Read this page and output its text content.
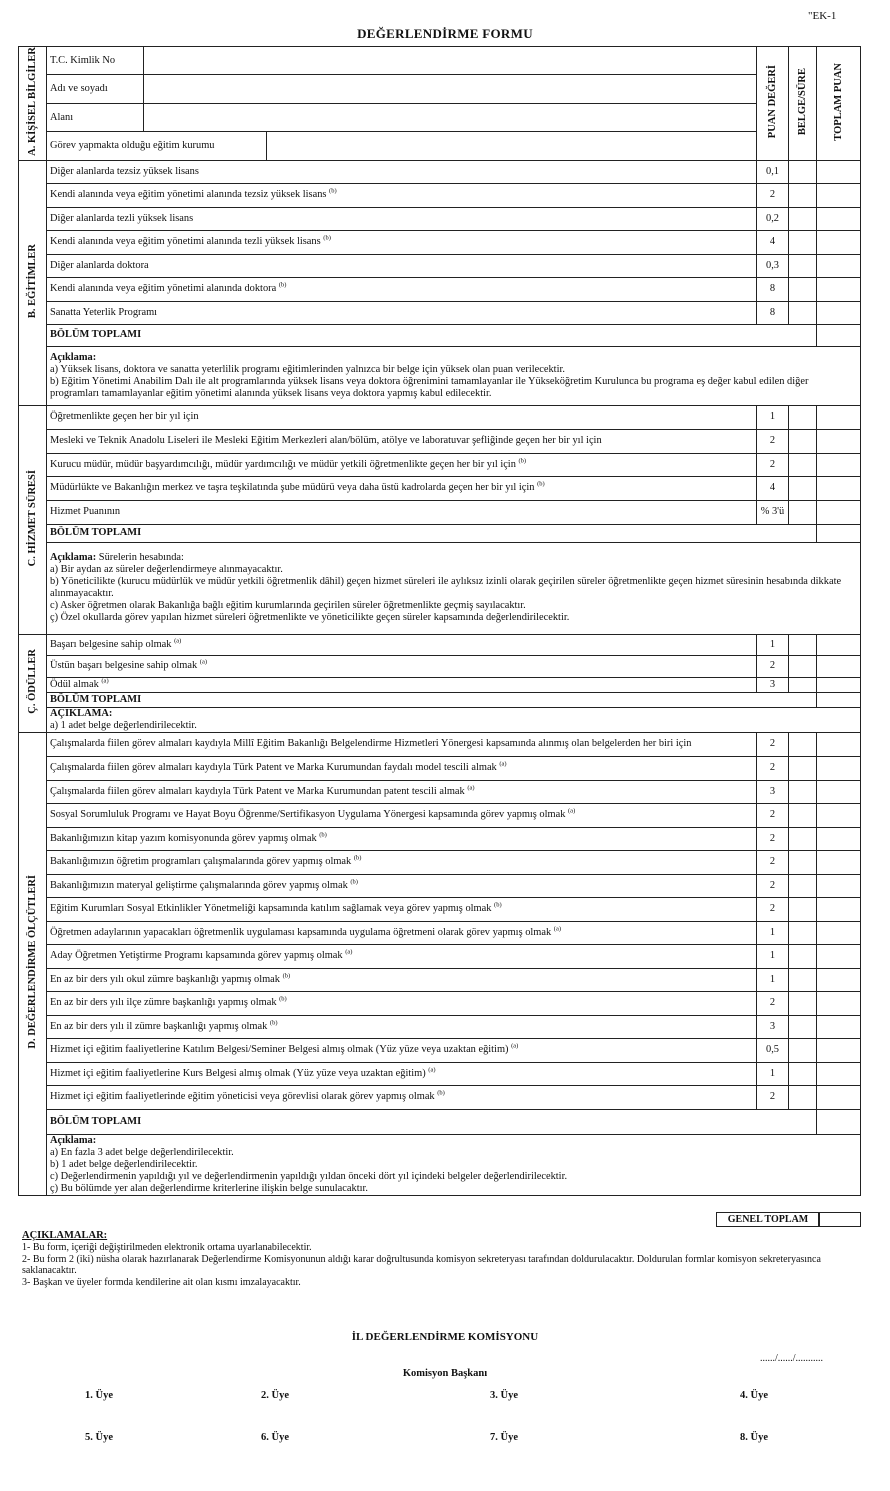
"EK-1
DEĞERLENDİRME FORMU
A. KİŞİSEL BİLGİLER	T.C. Kimlik No			PUAN DEĞERİ	BELGE/SÜRE	TOPLAM PUAN
	Adı ve soyadı					
	Alanı					
	Görev yapmakta olduğu eğitim kurumu					
B. EĞİTİMLER	Diğer alanlarda tezsiz yüksek lisans			0,1		
	Kendi alanında veya eğitim yönetimi alanında tezsiz yüksek lisans $^{(b)}$			2		
	Diğer alanlarda tezli yüksek lisans			0,2		
	Kendi alanında veya eğitim yönetimi alanında tezli yüksek lisans $^{(b)}$			4		
	Diğer alanlarda doktora			0,3		
	Kendi alanında veya eğitim yönetimi alanında doktora $^{(b)}$			8		
	Sanatta Yeterlik Programı			8		
	BÖLÜM TOPLAMI					
	Açıklama:
a) Yüksek lisans, doktora ve sanatta yeterlilik programı eğitimlerinden yalnızca bir belge için yüksek olan puan verilecektir.
b) Eğitim Yönetimi Anabilim Dalı ile alt programlarında yüksek lisans veya doktora öğrenimini tamamlayanlar ile Yükseköğretim Kurulunca bu programa eş değer kabul edilen diğer programları tamamlayanlar eğitim yönetimi alanında yüksek lisans veya doktora yapmış kabul edilecektir.					

C. HİZMET SÜRESİ	Öğretmenlikte geçen her bir yıl için			1		
	Mesleki ve Teknik Anadolu Liseleri ile Mesleki Eğitim Merkezleri alan/bölüm, atölye ve laboratuvar şefliğinde geçen her bir yıl için			2		
	Kurucu müdür, müdür başyardımcılığı, müdür yardımcılığı ve müdür yetkili öğretmenlikte geçen her bir yıl için $^{(b)}$			2		
	Müdürlükte ve Bakanlığın merkez ve taşra teşkilatında şube müdürü veya daha üstü kadrolarda geçen her bir yıl için $^{(b)}$			4		
	Hizmet Puanının			% 3'ü		
	BÖLÜM TOPLAMI					
	Açıklama: Sürelerin hesabında:
a) Bir aydan az süreler değerlendirmeye alınmayacaktır.
b) Yöneticilikte (kurucu müdürlük ve müdür yetkili öğretmenlik dâhil) geçen hizmet süreleri ile aylıksız izinli olarak geçirilen süreler öğretmenlikte geçen hizmet süresinin hesabında dikkate alınmayacaktır.
c) Asker öğretmen olarak Bakanlığa bağlı eğitim kurumlarında geçirilen süreler öğretmenlikte geçmiş sayılacaktır.
ç) Özel okullarda görev yapılan hizmet süreleri öğretmenlikte ve yöneticilikte geçen süreler kapsamında değerlendirilecektir.					

Ç. ÖDÜLLER	Başarı belgesine sahip olmak $^{(a)}$			1		
	Üstün başarı belgesine sahip olmak $^{(a)}$			2		
	Ödül almak $^{(a)}$			3		
	BÖLÜM TOPLAMI					
	AÇIKLAMA:
a) 1 adet belge değerlendirilecektir.					

D. DEĞERLENDİRME ÖLÇÜTLERİ	Çalışmalarda fiilen görev almaları kaydıyla Millî Eğitim Bakanlığı Belgelendirme Hizmetleri Yönergesi kapsamında alınmış olan belgelerden her biri için			2		
	Çalışmalarda fiilen görev almaları kaydıyla Türk Patent ve Marka Kurumundan faydalı model tescili almak $^{(a)}$			2		
	Çalışmalarda fiilen görev almaları kaydıyla Türk Patent ve Marka Kurumundan patent tescili almak $^{(a)}$			3		
	Sosyal Sorumluluk Programı ve Hayat Boyu Öğrenme/Sertifikasyon Uygulama Yönergesi kapsamında görev yapmış olmak $^{(a)}$			2		
	Bakanlığımızın kitap yazım komisyonunda görev yapmış olmak $^{(b)}$			2		
	Bakanlığımızın öğretim programları çalışmalarında görev yapmış olmak $^{(b)}$			2		
	Bakanlığımızın materyal geliştirme çalışmalarında görev yapmış olmak $^{(b)}$			2		
	Eğitim Kurumları Sosyal Etkinlikler Yönetmeliği kapsamında katılım sağlamak veya görev yapmış olmak $^{(b)}$			2		
	Öğretmen adaylarının yapacakları öğretmenlik uygulaması kapsamında uygulama öğretmeni olarak görev yapmış olmak $^{(a)}$			1		
	Aday Öğretmen Yetiştirme Programı kapsamında görev yapmış olmak $^{(a)}$			1		
	En az bir ders yılı okul zümre başkanlığı yapmış olmak $^{(b)}$			1		
	En az bir ders yılı ilçe zümre başkanlığı yapmış olmak $^{(b)}$			2		
	En az bir ders yılı il zümre başkanlığı yapmış olmak $^{(b)}$			3		
	Hizmet içi eğitim faaliyetlerine Katılım Belgesi/Seminer Belgesi almış olmak (Yüz yüze veya uzaktan eğitim) $^{(a)}$			0,5		
	Hizmet içi eğitim faaliyetlerine Kurs Belgesi almış olmak (Yüz yüze veya uzaktan eğitim) $^{(a)}$			1		
	Hizmet içi eğitim faaliyetlerinde eğitim yöneticisi veya görevlisi olarak görev yapmış olmak $^{(b)}$			2		
	BÖLÜM TOPLAMI					
	Açıklama:
a) En fazla 3 adet belge değerlendirilecektir.
b) 1 adet belge değerlendirilecektir.
c) Değerlendirmenin yapıldığı yıl ve değerlendirmenin yapıldığı yıldan önceki dört yıl içindeki belgeler değerlendirilecektir.
ç) Bu bölümde yer alan değerlendirme kriterlerine ilişkin belge sunulacaktır.					
GENEL TOPLAM
AÇIKLAMALAR:
1- Bu form, içeriği değiştirilmeden elektronik ortama uyarlanabilecektir.
2- Bu form 2 (iki) nüsha olarak hazırlanarak Değerlendirme Komisyonunun aldığı karar doğrultusunda komisyon sekreteryası tarafından doldurulacaktır. Doldurulan formlar komisyon sekreteryasınca saklanacaktır.
3- Başkan ve üyeler formda kendilerine ait olan kısmı imzalayacaktır.
İL DEĞERLENDİRME KOMİSYONU
....../....../...........
Komisyon Başkanı
1. Üye	2. Üye	3. Üye	4. Üye
5. Üye	6. Üye	7. Üye	8. Üye
